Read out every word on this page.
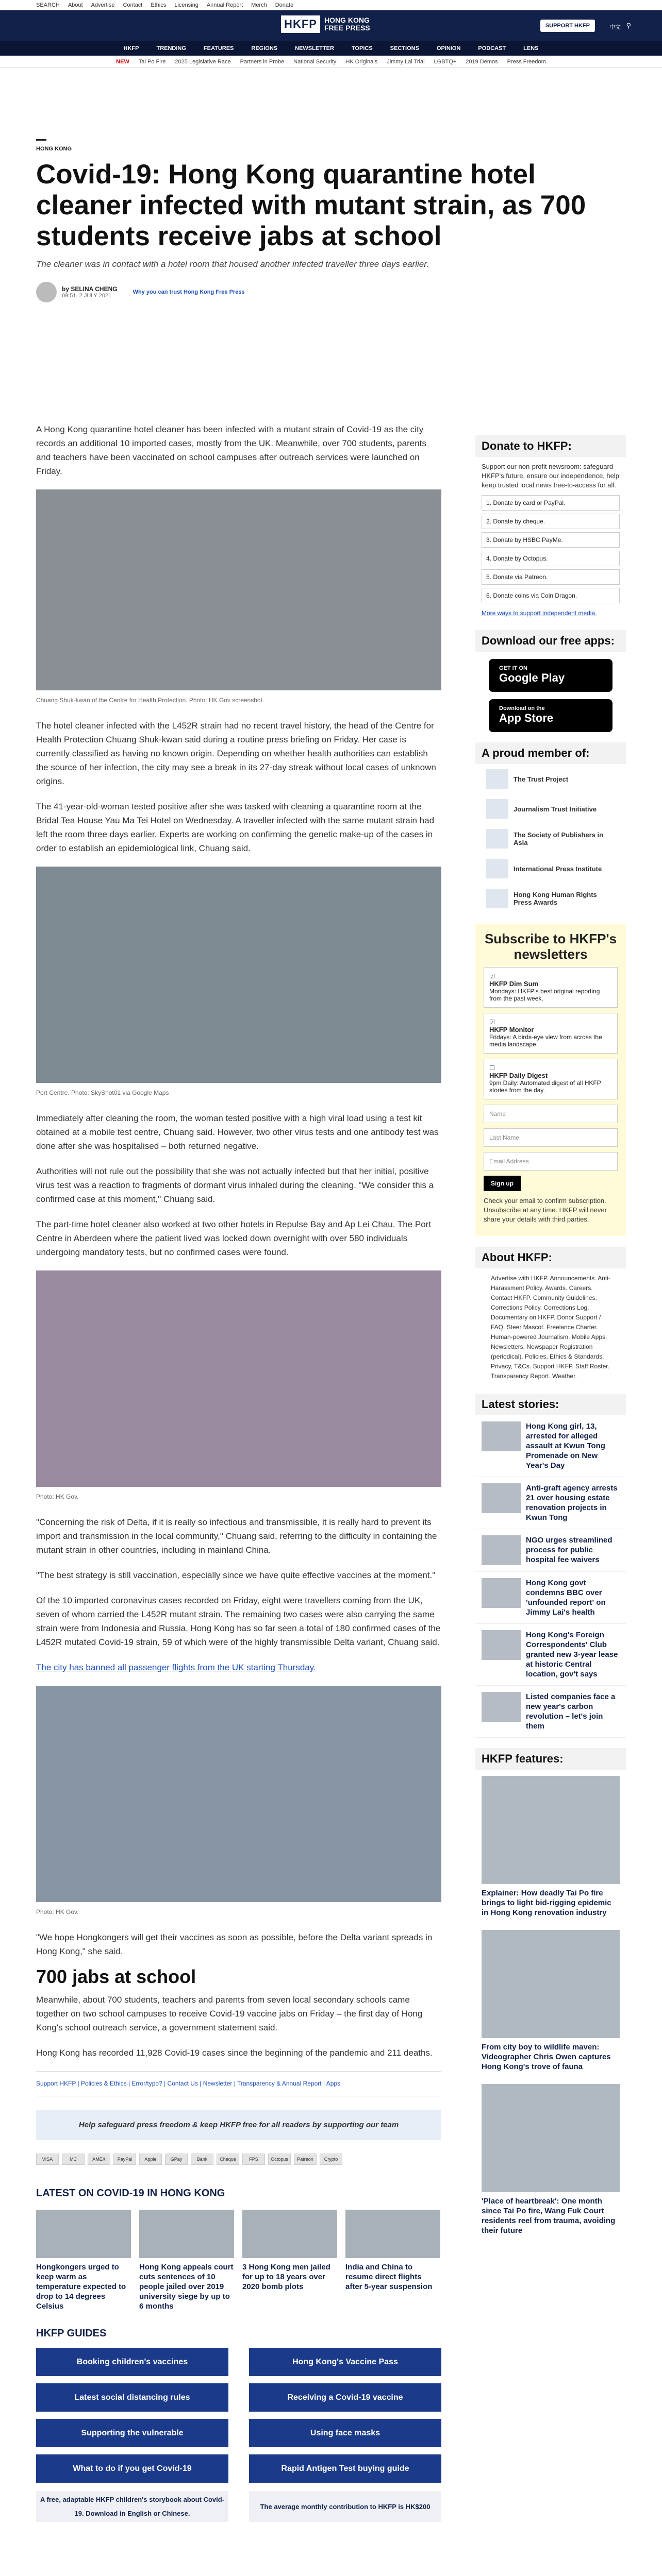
SEARCH About Advertise Contact Ethics Licensing Annual Report Merch Donate
HKFP	HONG KONG FREE PRESS	SUPPORT HKFP	中文 ⚲
HKFP	TRENDING	FEATURES	REGIONS	NEWSLETTER	TOPICS	SECTIONS	OPINION	PODCAST	LENS
NEW Tai Po Fire 2025 Legislative Race Partners in Probe National Security HK Originals Jimmy Lai Trial LGBTQ+ 2019 Demos Press Freedom
HONG KONG
Covid-19: Hong Kong quarantine hotel cleaner infected with mutant strain, as 700 students receive jabs at school
The cleaner was in contact with a hotel room that housed another infected traveller three days earlier.
by SELINA CHENG
09:51, 2 JULY 2021
Why you can trust Hong Kong Free Press

A Hong Kong quarantine hotel cleaner has been infected with a mutant strain of Covid-19 as the city records an additional 10 imported cases, mostly from the UK. Meanwhile, over 700 students, parents and teachers have been vaccinated on school campuses after outreach services were launched on Friday.

Chuang Shuk-kwan of the Centre for Health Protection. Photo: HK Gov screenshot.

The hotel cleaner infected with the L452R strain had no recent travel history, the head of the Centre for Health Protection Chuang Shuk-kwan said during a routine press briefing on Friday. Her case is currently classified as having no known origin. Depending on whether health authorities can establish the source of her infection, the city may see a break in its 27-day streak without local cases of unknown origins.

The 41-year-old-woman tested positive after she was tasked with cleaning a quarantine room at the Bridal Tea House Yau Ma Tei Hotel on Wednesday. A traveller infected with the same mutant strain had left the room three days earlier. Experts are working on confirming the genetic make-up of the cases in order to establish an epidemiological link, Chuang said.

Port Centre. Photo: SkyShot01 via Google Maps

Immediately after cleaning the room, the woman tested positive with a high viral load using a test kit obtained at a mobile test centre, Chuang said. However, two other virus tests and one antibody test was done after she was hospitalised – both returned negative.

Authorities will not rule out the possibility that she was not actually infected but that her initial, positive virus test was a reaction to fragments of dormant virus inhaled during the cleaning. "We consider this a confirmed case at this moment," Chuang said.

The part-time hotel cleaner also worked at two other hotels in Repulse Bay and Ap Lei Chau. The Port Centre in Aberdeen where the patient lived was locked down overnight with over 580 individuals undergoing mandatory tests, but no confirmed cases were found.

Photo: HK Gov.

"Concerning the risk of Delta, if it is really so infectious and transmissible, it is really hard to prevent its import and transmission in the local community," Chuang said, referring to the difficulty in containing the mutant strain in other countries, including in mainland China.

"The best strategy is still vaccination, especially since we have quite effective vaccines at the moment."

Of the 10 imported coronavirus cases recorded on Friday, eight were travellers coming from the UK, seven of whom carried the L452R mutant strain. The remaining two cases were also carrying the same strain were from Indonesia and Russia. Hong Kong has so far seen a total of 180 confirmed cases of the L452R mutated Covid-19 strain, 59 of which were of the highly transmissible Delta variant, Chuang said.

The city has banned all passenger flights from the UK starting Thursday.

Photo: HK Gov.

"We hope Hongkongers will get their vaccines as soon as possible, before the Delta variant spreads in Hong Kong," she said.

700 jabs at school

Meanwhile, about 700 students, teachers and parents from seven local secondary schools came together on two school campuses to receive Covid-19 vaccine jabs on Friday – the first day of Hong Kong's school outreach service, a government statement said.

Hong Kong has recorded 11,928 Covid-19 cases since the beginning of the pandemic and 211 deaths.

Support HKFP | Policies & Ethics | Error/typo? | Contact Us | Newsletter | Transparency & Annual Report | Apps
Help safeguard press freedom & keep HKFP free for all readers by supporting our team
VISA	MC	AMEX	PayPal	Apple	GPay	Bank	Cheque	FPS	Octopus	Patreon	Crypto
LATEST ON COVID-19 IN HONG KONG
Hongkongers urged to keep warm as temperature expected to drop to 14 degrees Celsius
Hong Kong appeals court cuts sentences of 10 people jailed over 2019 university siege by up to 6 months
3 Hong Kong men jailed for up to 18 years over 2020 bomb plots
India and China to resume direct flights after 5-year suspension
HKFP GUIDES
Booking children's vaccines	Hong Kong's Vaccine Pass
Latest social distancing rules	Receiving a Covid-19 vaccine
Supporting the vulnerable	Using face masks
What to do if you get Covid-19	Rapid Antigen Test buying guide
A free, adaptable HKFP children's storybook about Covid-19. Download in English or Chinese.
The average monthly contribution to HKFP is HK$200
Donate to HKFP:
Support our non-profit newsroom: safeguard HKFP's future, ensure our independence, help keep trusted local news free-to-access for all.
1. Donate by card or PayPal.
2. Donate by cheque.
3. Donate by HSBC PayMe.
4. Donate by Octopus.
5. Donate via Patreon.
6. Donate coins via Coin Dragon.
More ways to support independent media.
Download our free apps:
GET IT ON
Google Play
Download on the
App Store
A proud member of:
The Trust Project
Journalism Trust Initiative
The Society of Publishers in Asia
International Press Institute
Hong Kong Human Rights Press Awards
Subscribe to HKFP's newsletters
☑
HKFP Dim Sum
Mondays: HKFP's best original reporting from the past week.
☑
HKFP Monitor
Fridays: A birds-eye view from across the media landscape.
☐
HKFP Daily Digest
9pm Daily: Automated digest of all HKFP stories from the day.
Name
Last Name
Email Address
Sign up
Check your email to confirm subscription. Unsubscribe at any time. HKFP will never share your details with third parties.
About HKFP:
Advertise with HKFP. Announcements. Anti-Harassment Policy. Awards. Careers. Contact HKFP. Community Guidelines. Corrections Policy. Corrections Log. Documentary on HKFP. Donor Support / FAQ. Steer Mascot. Freelance Charter. Human-powered Journalism. Mobile Apps. Newsletters. Newspaper Registration (periodical). Policies, Ethics & Standards. Privacy, T&Cs. Support HKFP. Staff Roster. Transparency Report. Weather.
Latest stories:
Hong Kong girl, 13, arrested for alleged assault at Kwun Tong Promenade on New Year's Day
Anti-graft agency arrests 21 over housing estate renovation projects in Kwun Tong
NGO urges streamlined process for public hospital fee waivers
Hong Kong govt condemns BBC over 'unfounded report' on Jimmy Lai's health
Hong Kong's Foreign Correspondents' Club granted new 3-year lease at historic Central location, gov't says
Listed companies face a new year's carbon revolution – let's join them
HKFP features:
Explainer: How deadly Tai Po fire brings to light bid-rigging epidemic in Hong Kong renovation industry
From city boy to wildlife maven: Videographer Chris Owen captures Hong Kong's trove of fauna
'Place of heartbreak': One month since Tai Po fire, Wang Fuk Court residents reel from trauma, avoiding their future
